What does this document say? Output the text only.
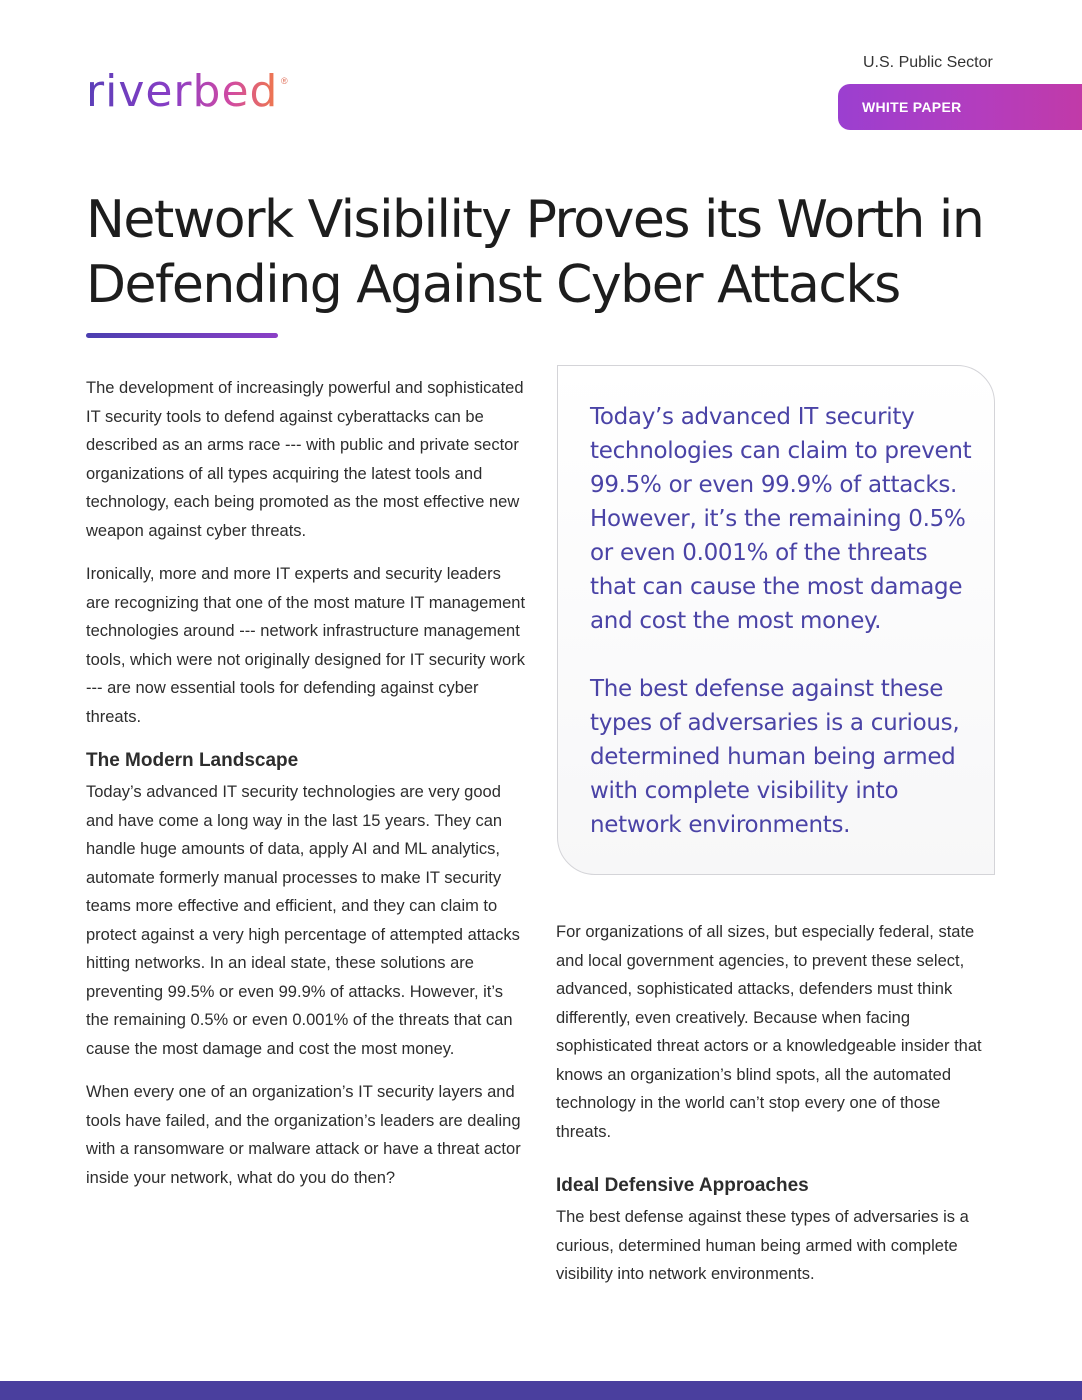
riverbed ®
U.S. Public Sector
WHITE PAPER
Network Visibility Proves its Worth in Defending Against Cyber Attacks

The development of increasingly powerful and sophisticated IT security tools to defend against cyberattacks can be described as an arms race --- with public and private sector organizations of all types acquiring the latest tools and technology, each being promoted as the most effective new weapon against cyber threats.

Ironically, more and more IT experts and security leaders are recognizing that one of the most mature IT management technologies around --- network infrastructure management tools, which were not originally designed for IT security work --- are now essential tools for defending against cyber threats.

The Modern Landscape

Today’s advanced IT security technologies are very good and have come a long way in the last 15 years. They can handle huge amounts of data, apply AI and ML analytics, automate formerly manual processes to make IT security teams more effective and efficient, and they can claim to protect against a very high percentage of attempted attacks hitting networks. In an ideal state, these solutions are preventing 99.5% or even 99.9% of attacks. However, it’s the remaining 0.5% or even 0.001% of the threats that can cause the most damage and cost the most money.

When every one of an organization’s IT security layers and tools have failed, and the organization’s leaders are dealing with a ransomware or malware attack or have a threat actor inside your network, what do you do then?

Today’s advanced IT security technologies can claim to prevent 99.5% or even 99.9% of attacks. However, it’s the remaining 0.5% or even 0.001% of the threats that can cause the most damage and cost the most money.

The best defense against these types of adversaries is a curious, determined human being armed with complete visibility into network environments.

For organizations of all sizes, but especially federal, state and local government agencies, to prevent these select, advanced, sophisticated attacks, defenders must think differently, even creatively. Because when facing sophisticated threat actors or a knowledgeable insider that knows an organization’s blind spots, all the automated technology in the world can’t stop every one of those threats.

Ideal Defensive Approaches

The best defense against these types of adversaries is a curious, determined human being armed with complete visibility into network environments.
